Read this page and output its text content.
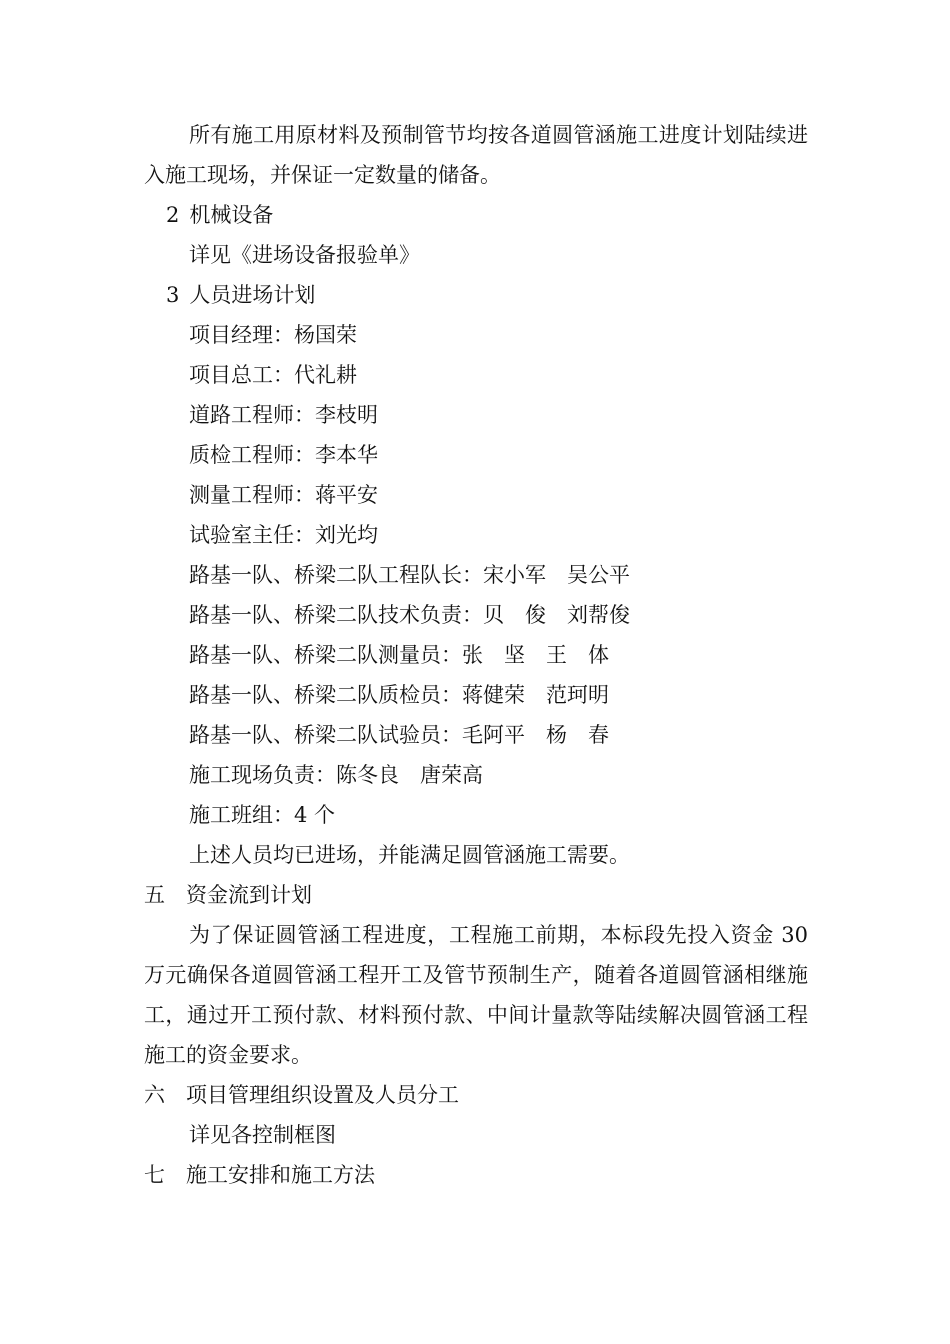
所有施工用原材料及预制管节均按各道圆管涵施工进度计划陆续进入施工现场，并保证一定数量的储备。
2 机械设备
详见《进场设备报验单》
3 人员进场计划
项目经理：杨国荣
项目总工：代礼耕
道路工程师：李枝明
质检工程师：李本华
测量工程师：蒋平安
试验室主任：刘光均
路基一队、桥梁二队工程队长：宋小军 吴公平
路基一队、桥梁二队技术负责：贝 俊 刘帮俊
路基一队、桥梁二队测量员：张 坚 王 体
路基一队、桥梁二队质检员：蒋健荣 范珂明
路基一队、桥梁二队试验员：毛阿平 杨 春
施工现场负责：陈冬良 唐荣高
施工班组：4 个
上述人员均已进场，并能满足圆管涵施工需要。
五 资金流到计划
为了保证圆管涵工程进度，工程施工前期，本标段先投入资金 30 万元确保各道圆管涵工程开工及管节预制生产，随着各道圆管涵相继施工，通过开工预付款、材料预付款、中间计量款等陆续解决圆管涵工程施工的资金要求。
六 项目管理组织设置及人员分工
详见各控制框图
七 施工安排和施工方法
